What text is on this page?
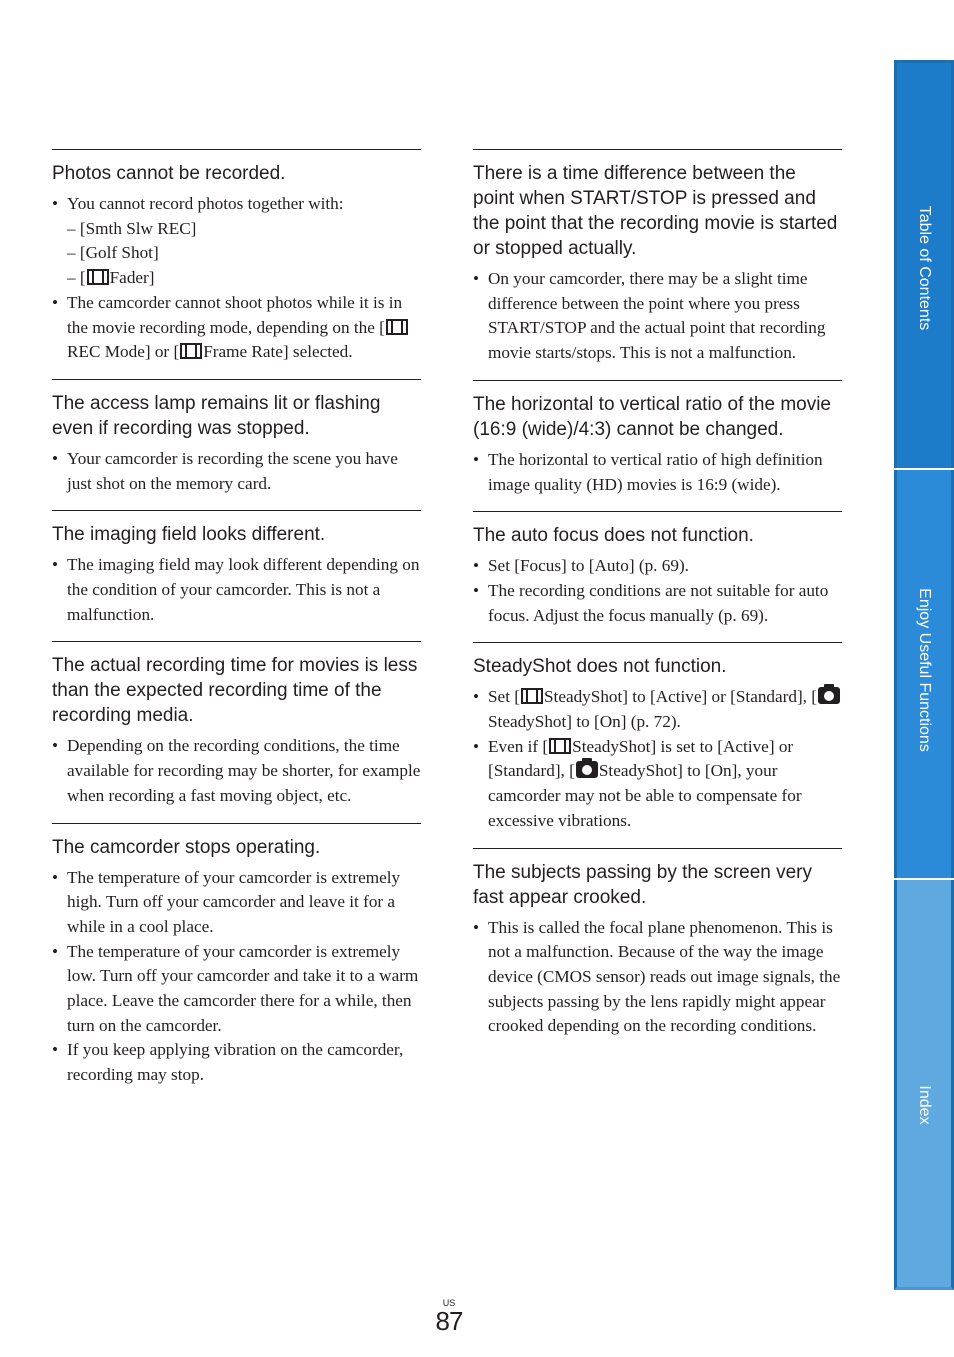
Photos cannot be recorded.
• You cannot record photos together with:
– [Smth Slw REC]
– [Golf Shot]
– [ Fader]
• The camcorder cannot shoot photos while it is in the movie recording mode, depending on the [REC Mode] or [ Frame Rate] selected.
The access lamp remains lit or flashing even if recording was stopped.
• Your camcorder is recording the scene you have just shot on the memory card.
The imaging field looks different.
• The imaging field may look different depending on the condition of your camcorder. This is not a malfunction.
The actual recording time for movies is less than the expected recording time of the recording media.
• Depending on the recording conditions, the time available for recording may be shorter, for example when recording a fast moving object, etc.
The camcorder stops operating.
• The temperature of your camcorder is extremely high. Turn off your camcorder and leave it for a while in a cool place.
• The temperature of your camcorder is extremely low. Turn off your camcorder and take it to a warm place. Leave the camcorder there for a while, then turn on the camcorder.
• If you keep applying vibration on the camcorder, recording may stop.
There is a time difference between the point when START/STOP is pressed and the point that the recording movie is started or stopped actually.
• On your camcorder, there may be a slight time difference between the point where you press START/STOP and the actual point that recording movie starts/stops. This is not a malfunction.
The horizontal to vertical ratio of the movie (16:9 (wide)/4:3) cannot be changed.
• The horizontal to vertical ratio of high definition image quality (HD) movies is 16:9 (wide).
The auto focus does not function.
• Set [Focus] to [Auto] (p. 69).
• The recording conditions are not suitable for auto focus. Adjust the focus manually (p. 69).
SteadyShot does not function.
• Set [ SteadyShot] to [Active] or [Standard], [SteadyShot] to [On] (p. 72).
• Even if [ SteadyShot] is set to [Active] or [Standard], [ SteadyShot] to [On], your camcorder may not be able to compensate for excessive vibrations.
The subjects passing by the screen very fast appear crooked.
• This is called the focal plane phenomenon. This is not a malfunction. Because of the way the image device (CMOS sensor) reads out image signals, the subjects passing by the lens rapidly might appear crooked depending on the recording conditions.
Table of Contents
Enjoy Useful Functions
Index
US
87
